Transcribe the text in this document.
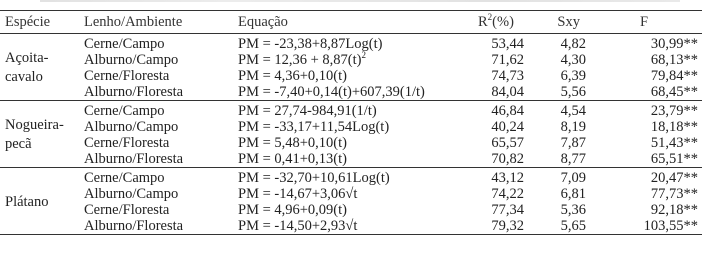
Espécie	Lenho/Ambiente	Equação	$R^2(\%)$	Sxy	F
Açoita-
cavalo	Cerne/Campo	PM = -23,38+8,87Log(t)	53,44	4,82	30,99**
	Alburno/Campo	PM = $12,36 + 8,87(t)^2$	71,62	4,30	68,13**
	Cerne/Floresta	PM = 4,36+0,10(t)	74,73	6,39	79,84**
	Alburno/Floresta	PM = -7,40+0,14(t)+607,39(1/t)	84,04	5,56	68,45**
Nogueira-
pecã	Cerne/Campo	PM = 27,74-984,91(1/t)	46,84	4,54	23,79**
	Alburno/Campo	PM = -33,17+11,54Log(t)	40,24	8,19	18,18**
	Cerne/Floresta	PM = 5,48+0,10(t)	65,57	7,87	51,43**
	Alburno/Floresta	PM = 0,41+0,13(t)	70,82	8,77	65,51**
Plátano	Cerne/Campo	PM = -32,70+10,61Log(t)	43,12	7,09	20,47**
	Alburno/Campo	PM = -14,67+3,06√t	74,22	6,81	77,73**
	Cerne/Floresta	PM = 4,96+0,09(t)	77,34	5,36	92,18**
	Alburno/Floresta	PM = -14,50+2,93√t	79,32	5,65	103,55**
